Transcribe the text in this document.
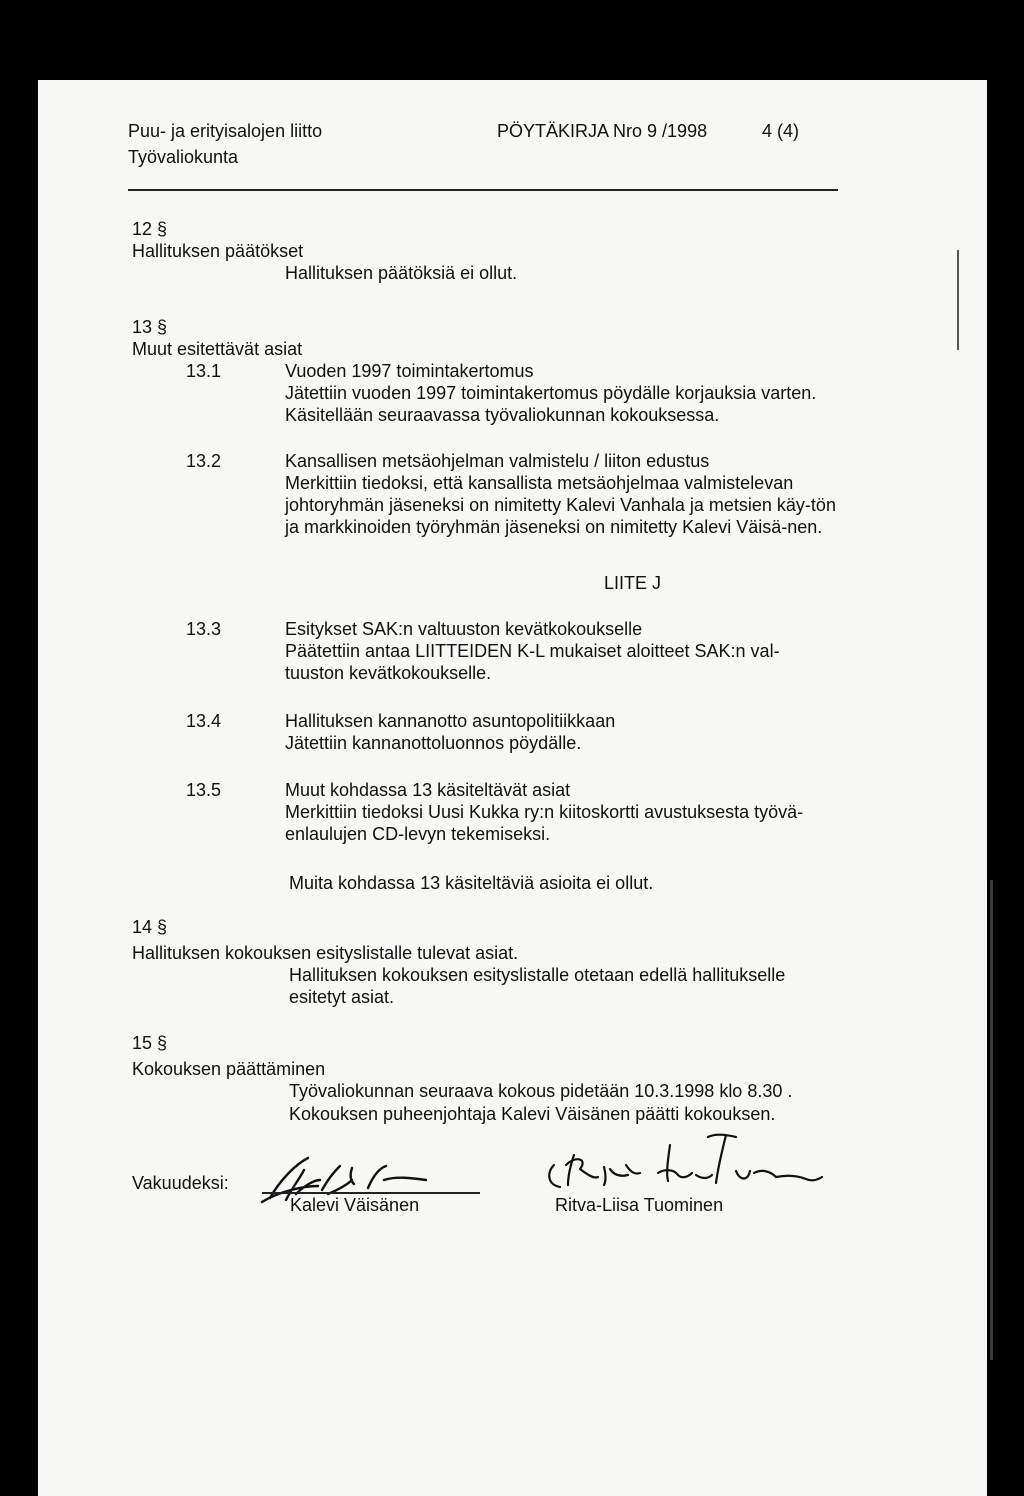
Puu- ja erityisalojen liitto
Työvaliokunta
PÖYTÄKIRJA Nro 9 /1998	4 (4)
12 §
Hallituksen päätökset
Hallituksen päätöksiä ei ollut.
13 §
Muut esitettävät asiat
13.1	Vuoden 1997 toimintakertomus
Jätettiin vuoden 1997 toimintakertomus pöydälle korjauksia varten. Käsitellään seuraavassa työvaliokunnan kokouksessa.
13.2	Kansallisen metsäohjelman valmistelu / liiton edustus
Merkittiin tiedoksi, että kansallista metsäohjelmaa valmistelevan johtoryhmän jäseneksi on nimitetty Kalevi Vanhala ja metsien käy-tön ja markkinoiden työryhmän jäseneksi on nimitetty Kalevi Väisä-nen.
LIITE J
13.3	Esitykset SAK:n valtuuston kevätkokoukselle
Päätettiin antaa LIITTEIDEN K-L mukaiset aloitteet SAK:n val-tuuston kevätkokoukselle.
13.4	Hallituksen kannanotto asuntopolitiikkaan
Jätettiin kannanottoluonnos pöydälle.
13.5	Muut kohdassa 13 käsiteltävät asiat
Merkittiin tiedoksi Uusi Kukka ry:n kiitoskortti avustuksesta työvä-enlaulujen CD-levyn tekemiseksi.
Muita kohdassa 13 käsiteltäviä asioita ei ollut.
14 §
Hallituksen kokouksen esityslistalle tulevat asiat.
Hallituksen kokouksen esityslistalle otetaan edellä hallitukselle esitetyt asiat.
15 §
Kokouksen päättäminen
Työvaliokunnan seuraava kokous pidetään 10.3.1998 klo 8.30 .
Kokouksen puheenjohtaja Kalevi Väisänen päätti kokouksen.
Vakuudeksi:
Kalevi Väisänen	Ritva-Liisa Tuominen
